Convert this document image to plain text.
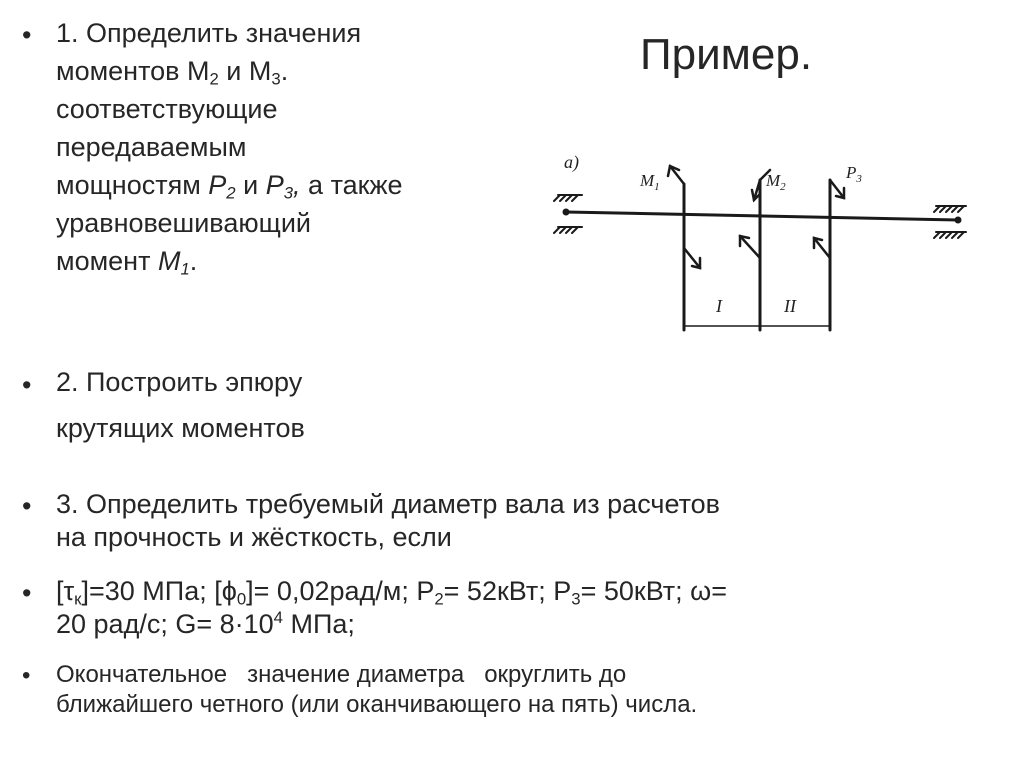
Пример.
• 1. Определить значения
моментов $M_2$ и $M_3$.
соответствующие
передаваемым
мощностям $P_2$ и $P_3$, а также
уравновешивающий
момент $M_1$.
• 2. Построить эпюру
крутящих моментов
• 3. Определить требуемый диаметр вала из расчетов
на прочность и жёсткость, если
• $[\tau_к]=30$ МПа; $[\phi_0]= 0,02рад/м$; $Р_2= 52кВт$; $Р_3= 50кВт$; ω=
20 рад/с; $G= 8\cdot 10^4$ МПа;
• Окончательное   значение диаметра   округлить до
ближайшего четного (или оканчивающего на пять) числа.
a)
$M_1$	$M_2$
$P_3$
I	II
